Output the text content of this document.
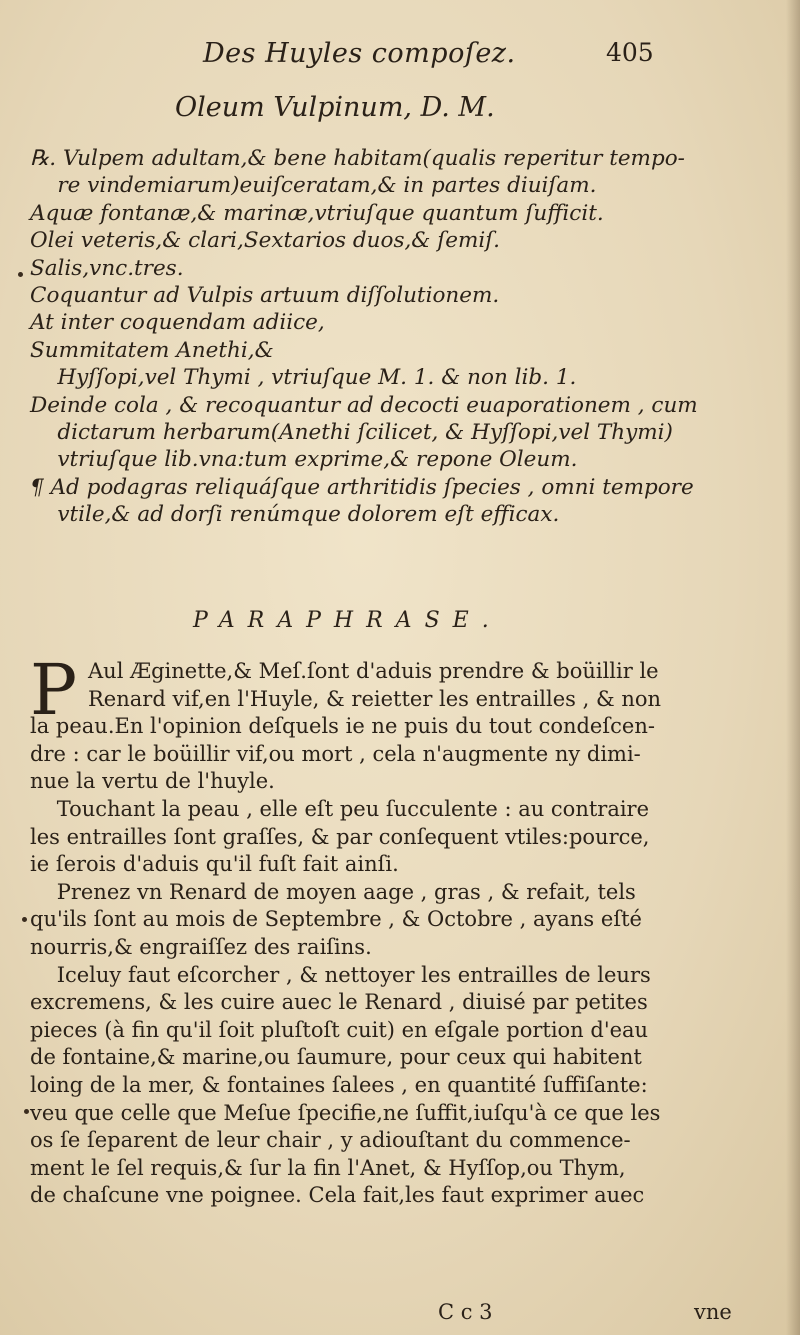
Des Huyles compoſez.	405
Oleum Vulpinum, D. M.
℞. Vulpem adultam,& bene habitam(qualis reperitur tempo-
re vindemiarum)euiſceratam,& in partes diuiſam.
Aquæ fontanæ,& marinæ,vtriuſque quantum ſufficit.
Olei veteris,& clari,Sextarios duos,& ſemiſ.
Salis,vnc.tres.
Coquantur ad Vulpis artuum diſſolutionem.
At inter coquendam adiice,
Summitatem Anethi,&
Hyſſopi,vel Thymi , vtriuſque M. 1. & non lib. 1.
Deinde cola , & recoquantur ad decocti euaporationem , cum
dictarum herbarum(Anethi ſcilicet, & Hyſſopi,vel Thymi)
vtriuſque lib.vna:tum exprime,& repone Oleum.
¶ Ad podagras reliquáſque arthritidis ſpecies , omni tempore
vtile,& ad dorſi renúmque dolorem eſt efficax.
PARAPHRASE.
P Aul Æginette,& Meſ.ſont d'aduis prendre & boüillir le
Renard vif,en l'Huyle, & reietter les entrailles , & non
la peau.En l'opinion deſquels ie ne puis du tout condeſcen-
dre : car le boüillir vif,ou mort , cela n'augmente ny dimi-
nue la vertu de l'huyle.
Touchant la peau , elle eſt peu ſucculente : au contraire
les entrailles ſont graſſes, & par conſequent vtiles:pource,
ie ſerois d'aduis qu'il fuſt fait ainſi.
Prenez vn Renard de moyen aage , gras , & refait, tels
qu'ils ſont au mois de Septembre , & Octobre , ayans eſté
nourris,& engraiſſez des raiſins.
Iceluy faut eſcorcher , & nettoyer les entrailles de leurs
excremens, & les cuire auec le Renard , diuisé par petites
pieces (à fin qu'il ſoit pluſtoſt cuit) en eſgale portion d'eau
de fontaine,& marine,ou ſaumure, pour ceux qui habitent
loing de la mer, & fontaines ſalees , en quantité ſuffiſante:
veu que celle que Meſue ſpecifie,ne ſuffit,iuſqu'à ce que les
os ſe ſeparent de leur chair , y adiouſtant du commence-
ment le ſel requis,& ſur la fin l'Anet, & Hyſſop,ou Thym,
de chaſcune vne poignee. Cela fait,les faut exprimer auec
C c 3	vne
